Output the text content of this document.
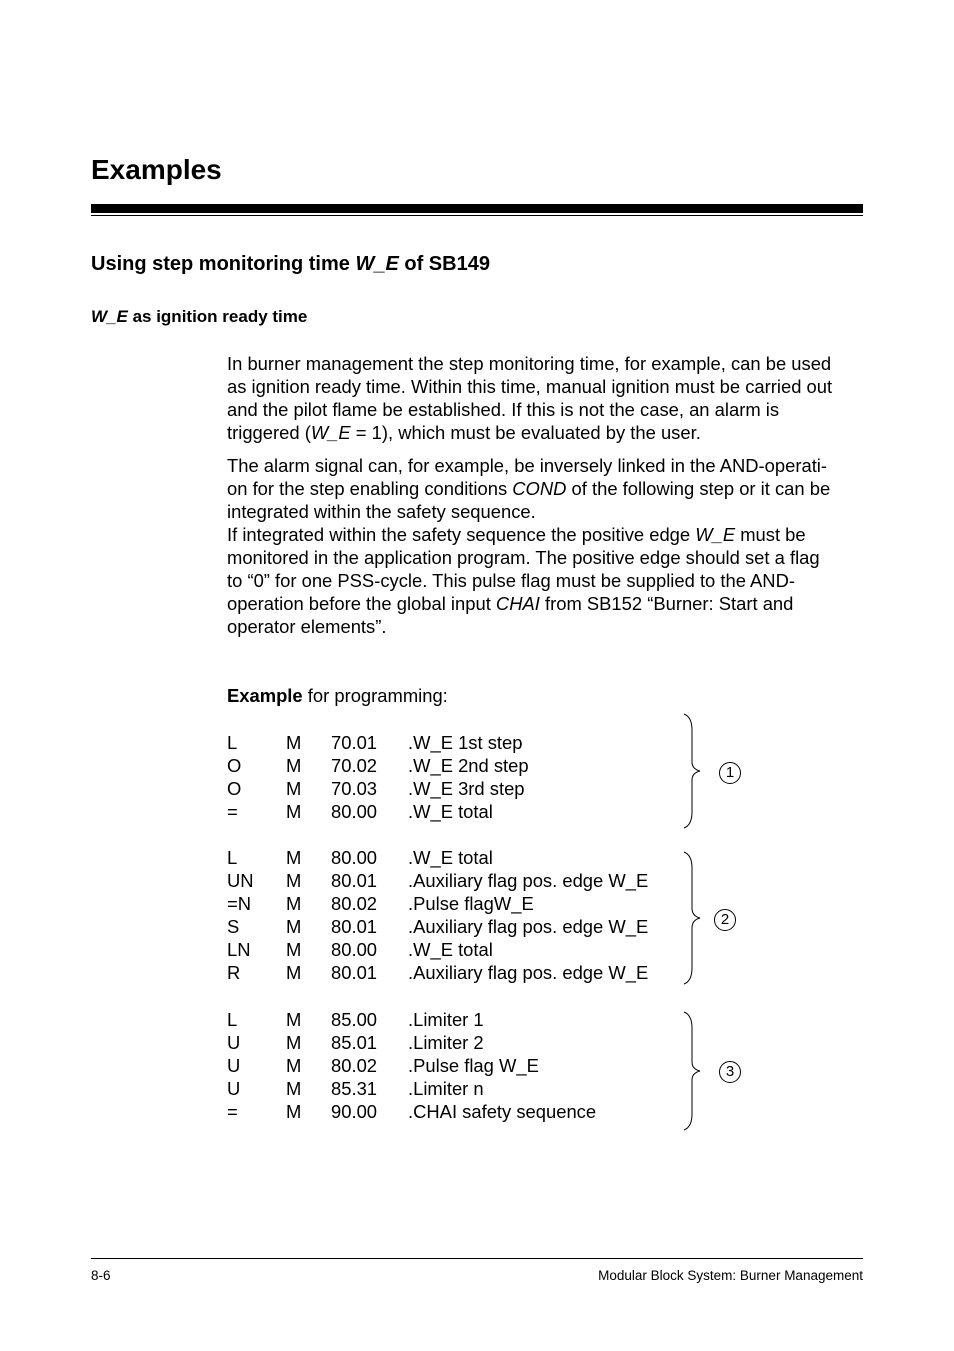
Examples
Using step monitoring time W_E of SB149
W_E as ignition ready time
In burner management the step monitoring time, for example, can be used
as ignition ready time. Within this time, manual ignition must be carried out
and the pilot flame be established. If this is not the case, an alarm is
triggered (W_E = 1), which must be evaluated by the user.
The alarm signal can, for example, be inversely linked in the AND-operati-
on for the step enabling conditions COND of the following step or it can be
integrated within the safety sequence.
If integrated within the safety sequence the positive edge W_E must be
monitored in the application program. The positive edge should set a flag
to “0” for one PSS-cycle. This pulse flag must be supplied to the AND-
operation before the global input CHAI from SB152 “Burner: Start and
operator elements”.
Example for programming:
L	M 70.01 .W_E 1st step
O M 70.02 .W_E 2nd step
O M 70.03 .W_E 3rd step
=	M 80.00 .W_E total
L	M 80.00 .W_E total
UN M 80.01 .Auxiliary flag pos. edge W_E
=N M 80.02 .Pulse flagW_E
S	M 80.01 .Auxiliary flag pos. edge W_E
LN M 80.00 .W_E total
R M 80.01 .Auxiliary flag pos. edge W_E
L	M 85.00 .Limiter 1
U M 85.01 .Limiter 2
U M 80.02 .Pulse flag W_E
U M 85.31 .Limiter n
=	M 90.00 .CHAI safety sequence
1
2
3
8-6	Modular Block System: Burner Management
